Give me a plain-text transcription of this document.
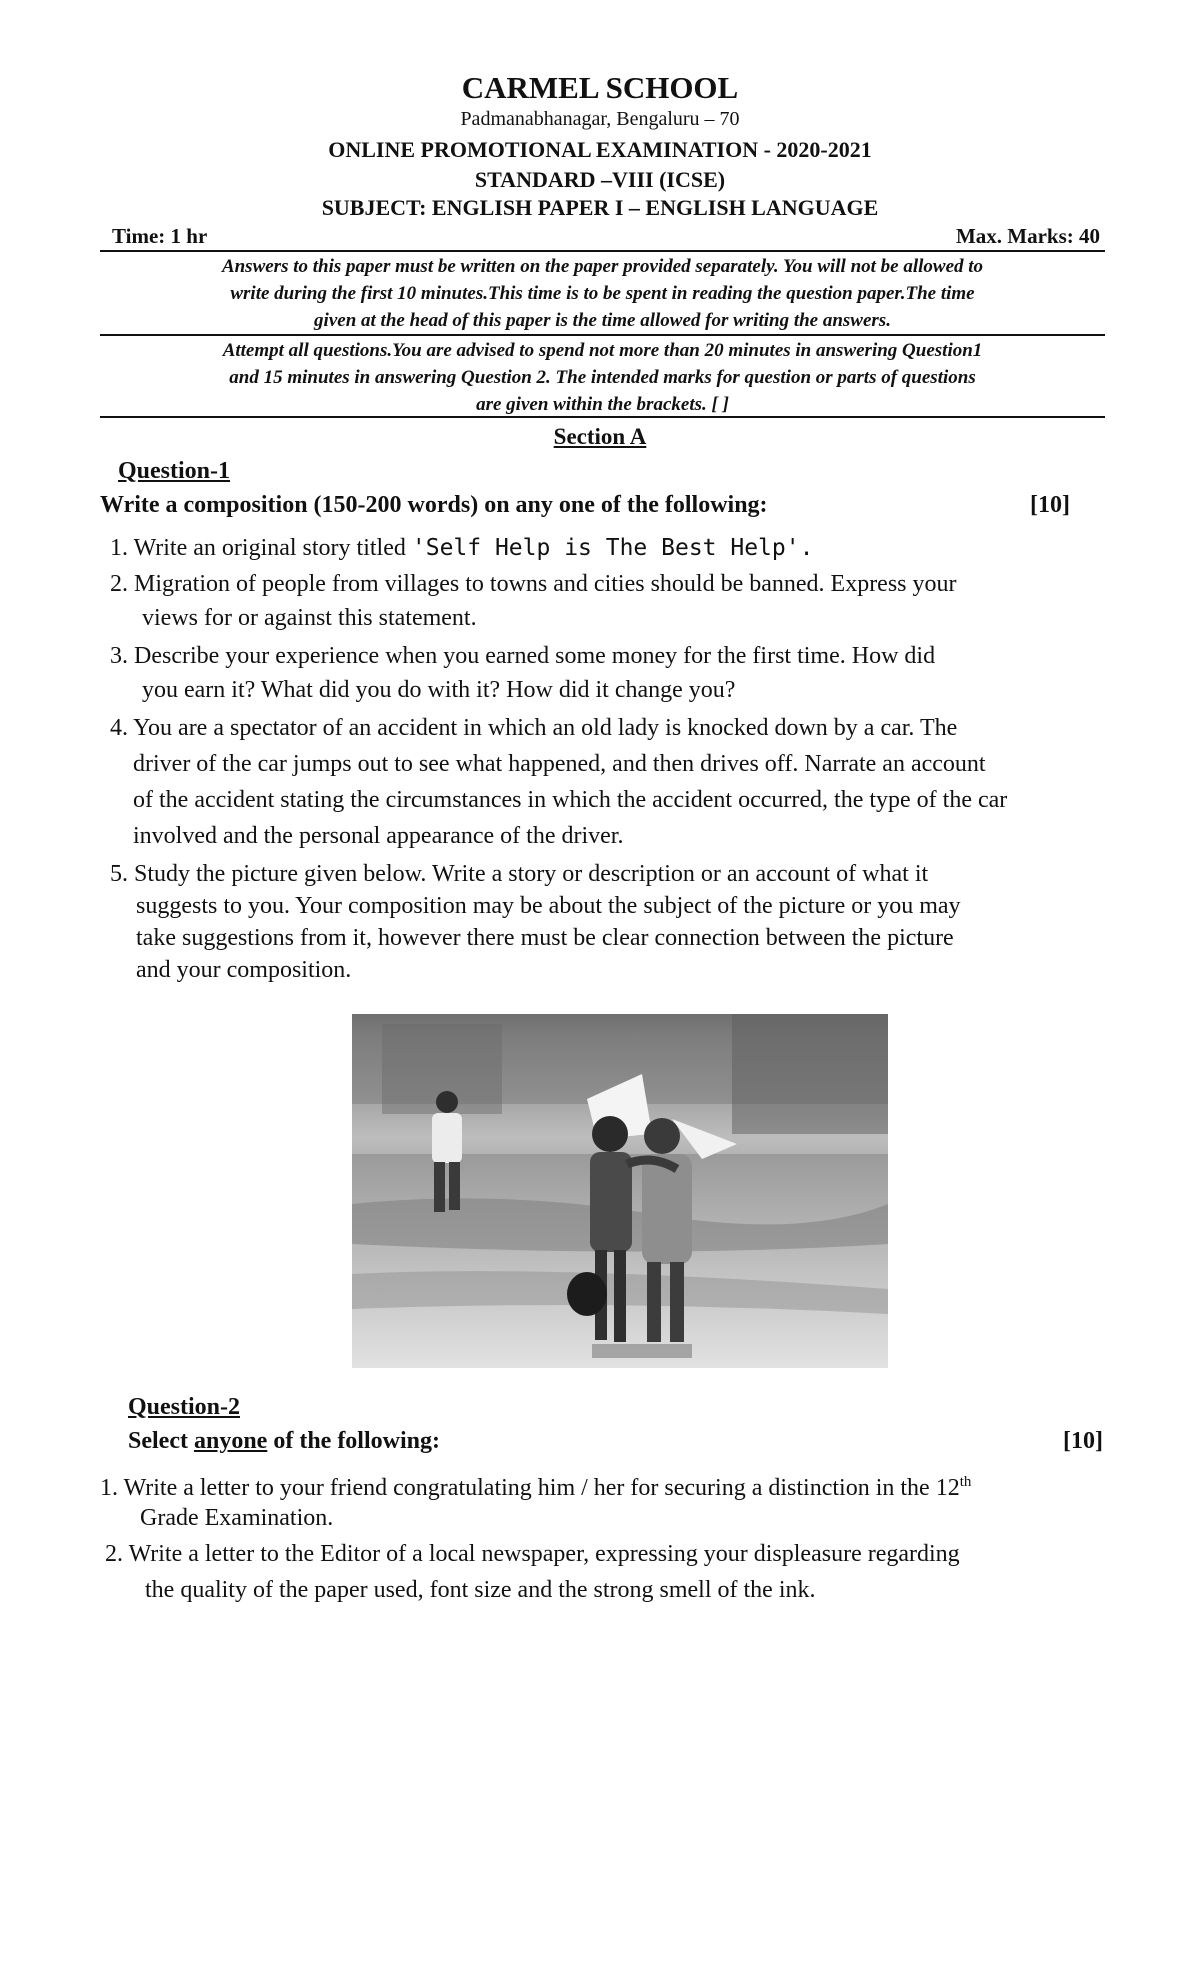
CARMEL SCHOOL
Padmanabhanagar, Bengaluru – 70
ONLINE PROMOTIONAL EXAMINATION - 2020-2021
STANDARD –VIII (ICSE)
SUBJECT: ENGLISH PAPER I – ENGLISH LANGUAGE
Time: 1 hr	Max. Marks: 40
Answers to this paper must be written on the paper provided separately. You will not be allowed to
write during the first 10 minutes.This time is to be spent in reading the question paper.The time
given at the head of this paper is the time allowed for writing the answers.
Attempt all questions.You are advised to spend not more than 20 minutes in answering Question1
and 15 minutes in answering Question 2. The intended marks for question or parts of questions
are given within the brackets. [ ]
Section A
Question-1
Write a composition (150-200 words) on any one of the following:	[10]
1. Write an original story titled 'Self Help is The Best Help'.
2. Migration of people from villages to towns and cities should be banned. Express your
views for or against this statement.
3. Describe your experience when you earned some money for the first time. How did
you earn it? What did you do with it? How did it change you?
4. You are a spectator of an accident in which an old lady is knocked down by a car. The
driver of the car jumps out to see what happened, and then drives off. Narrate an account
of the accident stating the circumstances in which the accident occurred, the type of the car
involved and the personal appearance of the driver.
5. Study the picture given below. Write a story or description or an account of what it
suggests to you. Your composition may be about the subject of the picture or you may
take suggestions from it, however there must be clear connection between the picture
and your composition.
Question-2
Select anyone of the following:	[10]
1. Write a letter to your friend congratulating him / her for securing a distinction in the 12th
Grade Examination.
2. Write a letter to the Editor of a local newspaper, expressing your displeasure regarding
the quality of the paper used, font size and the strong smell of the ink.
